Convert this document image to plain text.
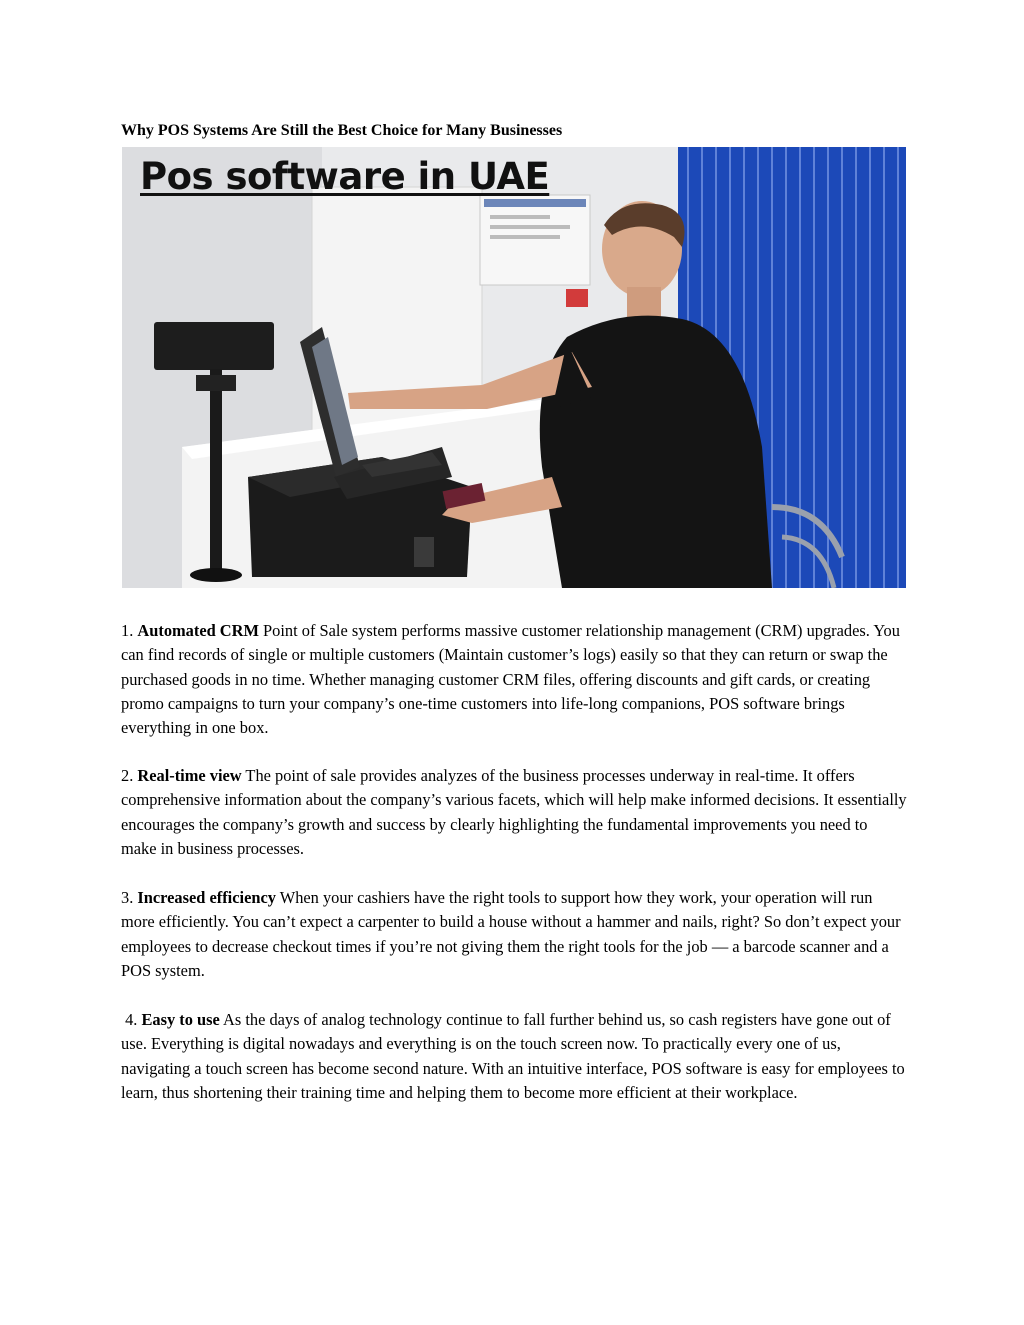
Why POS Systems Are Still the Best Choice for Many Businesses
Pos software in UAE

1. Automated CRM Point of Sale system performs massive customer relationship management (CRM) upgrades. You can find records of single or multiple customers (Maintain customer’s logs) easily so that they can return or swap the purchased goods in no time. Whether managing customer CRM files, offering discounts and gift cards, or creating promo campaigns to turn your company’s one-time customers into life-long companions, POS software brings everything in one box.

2. Real-time view The point of sale provides analyzes of the business processes underway in real-time. It offers comprehensive information about the company’s various facets, which will help make informed decisions. It essentially encourages the company’s growth and success by clearly highlighting the fundamental improvements you need to make in business processes.

3. Increased efficiency When your cashiers have the right tools to support how they work, your operation will run more efficiently. You can’t expect a carpenter to build a house without a hammer and nails, right? So don’t expect your employees to decrease checkout times if you’re not giving them the right tools for the job — a barcode scanner and a POS system.

4. Easy to use As the days of analog technology continue to fall further behind us, so cash registers have gone out of use. Everything is digital nowadays and everything is on the touch screen now. To practically every one of us, navigating a touch screen has become second nature. With an intuitive interface, POS software is easy for employees to learn, thus shortening their training time and helping them to become more efficient at their workplace.
